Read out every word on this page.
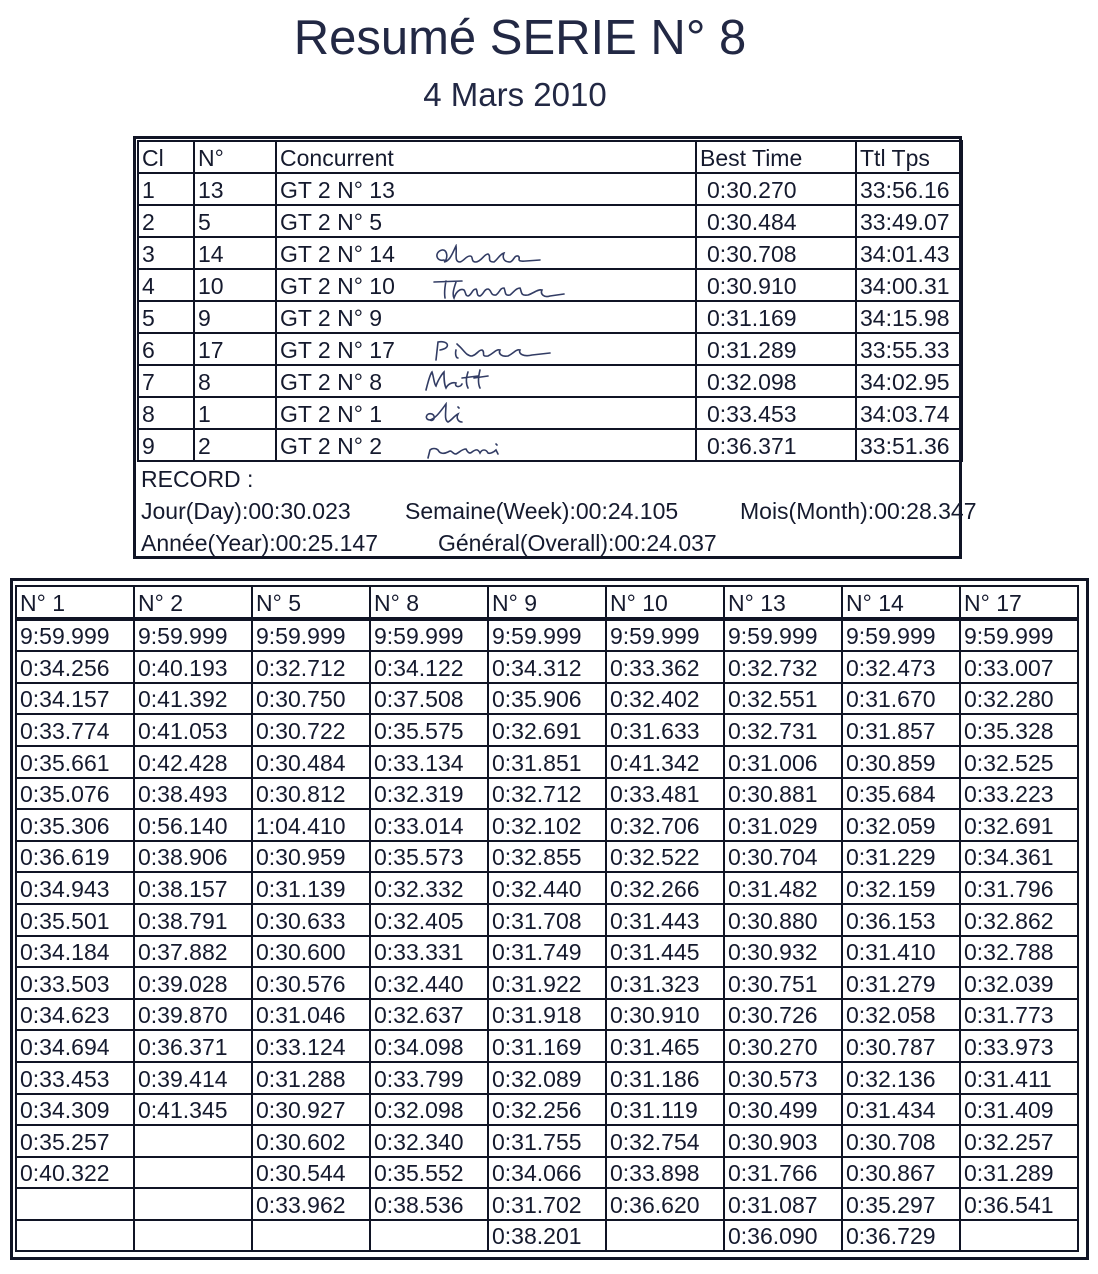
Resumé SERIE N° 8
4 Mars 2010
Cl	N°	Concurrent	Best Time	Ttl Tps
1	13	GT 2 N° 13	0:30.270	33:56.16
2	5	GT 2 N° 5	0:30.484	33:49.07
3	14	GT 2 N° 14	0:30.708	34:01.43
4	10	GT 2 N° 10	0:30.910	34:00.31
5	9	GT 2 N° 9	0:31.169	34:15.98
6	17	GT 2 N° 17	0:31.289	33:55.33
7	8	GT 2 N° 8	0:32.098	34:02.95
8	1	GT 2 N° 1	0:33.453	34:03.74
9	2	GT 2 N° 2	0:36.371	33:51.36
RECORD :
Jour(Day):00:30.023 Semaine(Week):00:24.105	Mois(Month):00:28.347
Année(Year):00:25.147	Général(Overall):00:24.037
N° 1	N° 2	N° 5	N° 8	N° 9	N° 10	N° 13	N° 14	N° 17
9:59.999	9:59.999	9:59.999	9:59.999	9:59.999	9:59.999	9:59.999	9:59.999	9:59.999
0:34.256	0:40.193	0:32.712	0:34.122	0:34.312	0:33.362	0:32.732	0:32.473	0:33.007
0:34.157	0:41.392	0:30.750	0:37.508	0:35.906	0:32.402	0:32.551	0:31.670	0:32.280
0:33.774	0:41.053	0:30.722	0:35.575	0:32.691	0:31.633	0:32.731	0:31.857	0:35.328
0:35.661	0:42.428	0:30.484	0:33.134	0:31.851	0:41.342	0:31.006	0:30.859	0:32.525
0:35.076	0:38.493	0:30.812	0:32.319	0:32.712	0:33.481	0:30.881	0:35.684	0:33.223
0:35.306	0:56.140	1:04.410	0:33.014	0:32.102	0:32.706	0:31.029	0:32.059	0:32.691
0:36.619	0:38.906	0:30.959	0:35.573	0:32.855	0:32.522	0:30.704	0:31.229	0:34.361
0:34.943	0:38.157	0:31.139	0:32.332	0:32.440	0:32.266	0:31.482	0:32.159	0:31.796
0:35.501	0:38.791	0:30.633	0:32.405	0:31.708	0:31.443	0:30.880	0:36.153	0:32.862
0:34.184	0:37.882	0:30.600	0:33.331	0:31.749	0:31.445	0:30.932	0:31.410	0:32.788
0:33.503	0:39.028	0:30.576	0:32.440	0:31.922	0:31.323	0:30.751	0:31.279	0:32.039
0:34.623	0:39.870	0:31.046	0:32.637	0:31.918	0:30.910	0:30.726	0:32.058	0:31.773
0:34.694	0:36.371	0:33.124	0:34.098	0:31.169	0:31.465	0:30.270	0:30.787	0:33.973
0:33.453	0:39.414	0:31.288	0:33.799	0:32.089	0:31.186	0:30.573	0:32.136	0:31.411
0:34.309	0:41.345	0:30.927	0:32.098	0:32.256	0:31.119	0:30.499	0:31.434	0:31.409
0:35.257		0:30.602	0:32.340	0:31.755	0:32.754	0:30.903	0:30.708	0:32.257
0:40.322		0:30.544	0:35.552	0:34.066	0:33.898	0:31.766	0:30.867	0:31.289
		0:33.962	0:38.536	0:31.702	0:36.620	0:31.087	0:35.297	0:36.541
				0:38.201		0:36.090	0:36.729	
